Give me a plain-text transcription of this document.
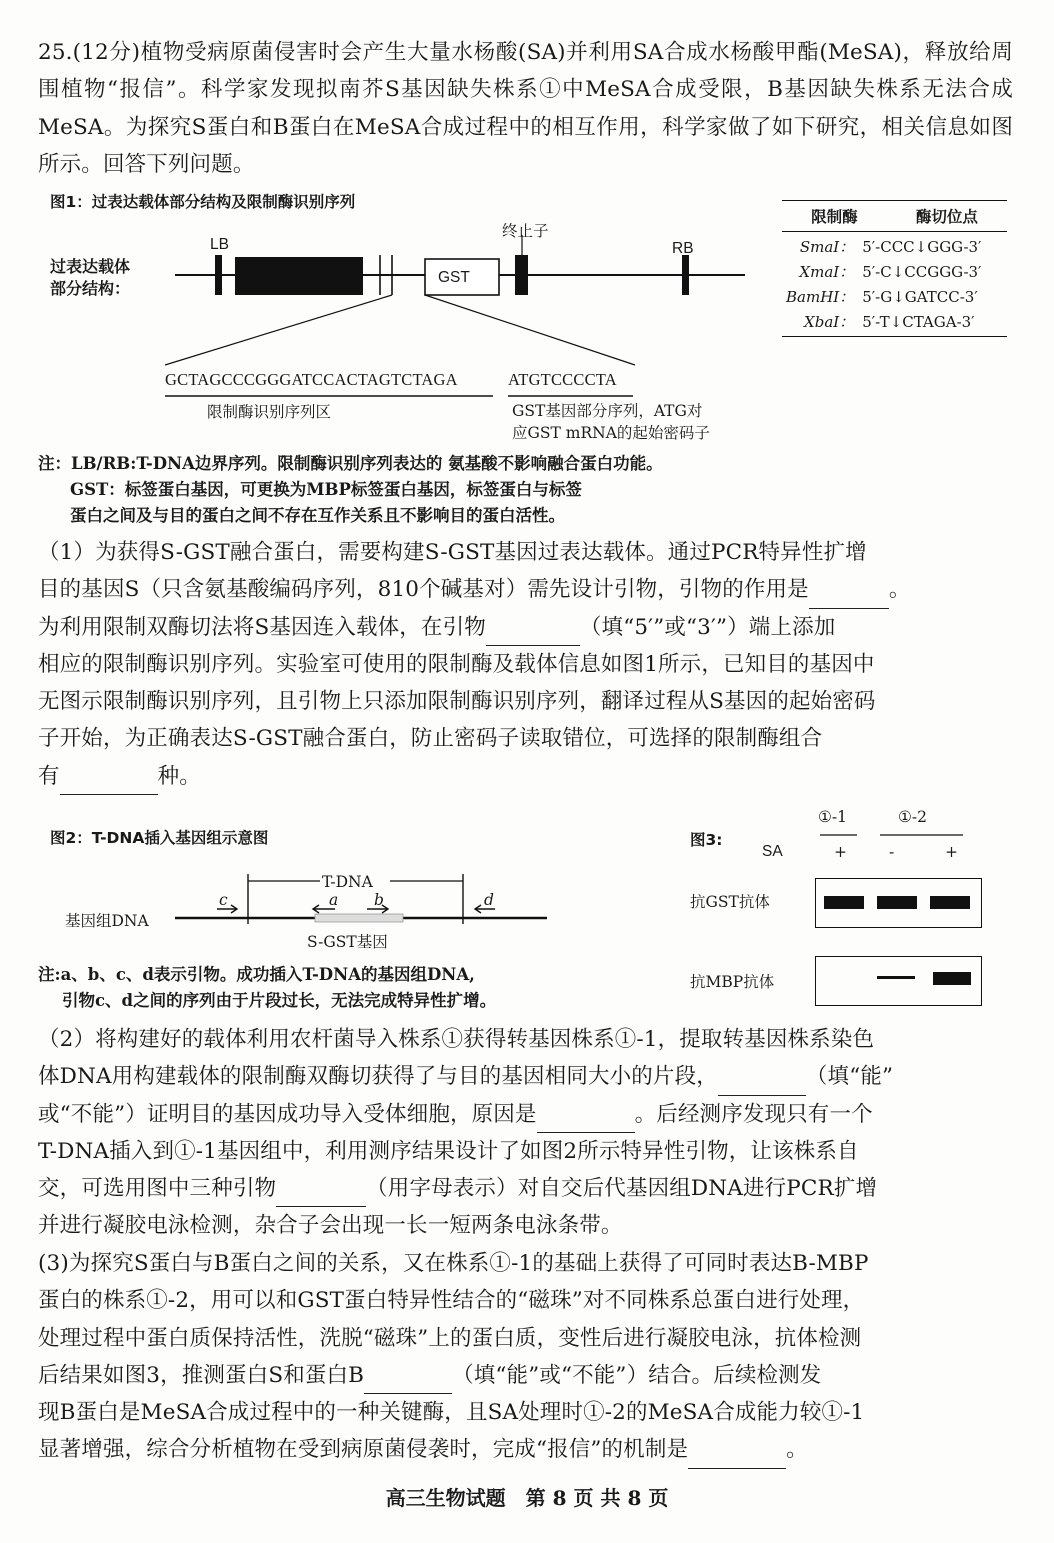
25.(12分)植物受病原菌侵害时会产生大量水杨酸(SA)并利用SA合成水杨酸甲酯(MeSA)，释放给周围植物“报信”。科学家发现拟南芥S基因缺失株系①中MeSA合成受限，B基因缺失株系无法合成MeSA。为探究S蛋白和B蛋白在MeSA合成过程中的相互作用，科学家做了如下研究，相关信息如图所示。回答下列问题。
图1：过表达载体部分结构及限制酶识别序列
过表达载体
部分结构：
LB	RB
GST
终止子
GCTAGCCCGGGATCCACTAGTCTAGA	ATGTCCCCTA
限制酶识别序列区	GST基因部分序列，ATG对
应GST mRNA的起始密码子
限制酶	酶切位点
SmaⅠ：	5′-CCC↓GGG-3′
XmaⅠ：	5′-C↓CCGGG-3′
BamHⅠ：	5′-G↓GATCC-3′
XbaⅠ：	5′-T↓CTAGA-3′
注：LB/RB:T-DNA边界序列。限制酶识别序列表达的 氨基酸不影响融合蛋白功能。
GST：标签蛋白基因，可更换为MBP标签蛋白基因，标签蛋白与标签
蛋白之间及与目的蛋白之间不存在互作关系且不影响目的蛋白活性。
（1）为获得S-GST融合蛋白，需要构建S-GST基因过表达载体。通过PCR特异性扩增
目的基因S（只含氨基酸编码序列，810个碱基对）需先设计引物，引物的作用是	。
为利用限制双酶切法将S基因连入载体，在引物	（填“5′”或“3′”）端上添加
相应的限制酶识别序列。实验室可使用的限制酶及载体信息如图1所示，已知目的基因中
无图示限制酶识别序列，且引物上只添加限制酶识别序列，翻译过程从S基因的起始密码
子开始，为正确表达S-GST融合蛋白，防止密码子读取错位，可选择的限制酶组合
有	种。
图2：T-DNA插入基因组示意图
T-DNA
c	a b	d
基因组DNA
S-GST基因
注:a、b、c、d表示引物。成功插入T-DNA的基因组DNA,
引物c、d之间的序列由于片段过长，无法完成特异性扩增。
图3:
①-1	①-2
SA	+	-	+
抗GST抗体
抗MBP抗体
（2）将构建好的载体利用农杆菌导入株系①获得转基因株系①-1，提取转基因株系染色
体DNA用构建载体的限制酶双酶切获得了与目的基因相同大小的片段，	（填“能”
或“不能”）证明目的基因成功导入受体细胞，原因是	。后经测序发现只有一个
T-DNA插入到①-1基因组中，利用测序结果设计了如图2所示特异性引物，让该株系自
交，可选用图中三种引物	（用字母表示）对自交后代基因组DNA进行PCR扩增
并进行凝胶电泳检测，杂合子会出现一长一短两条电泳条带。
(3)为探究S蛋白与B蛋白之间的关系，又在株系①-1的基础上获得了可同时表达B-MBP
蛋白的株系①-2，用可以和GST蛋白特异性结合的“磁珠”对不同株系总蛋白进行处理，
处理过程中蛋白质保持活性，洗脱“磁珠”上的蛋白质，变性后进行凝胶电泳，抗体检测
后结果如图3，推测蛋白S和蛋白B	（填“能”或“不能”）结合。后续检测发
现B蛋白是MeSA合成过程中的一种关键酶，且SA处理时①-2的MeSA合成能力较①-1
显著增强，综合分析植物在受到病原菌侵袭时，完成“报信”的机制是	。
高三生物试题　第 8 页 共 8 页
